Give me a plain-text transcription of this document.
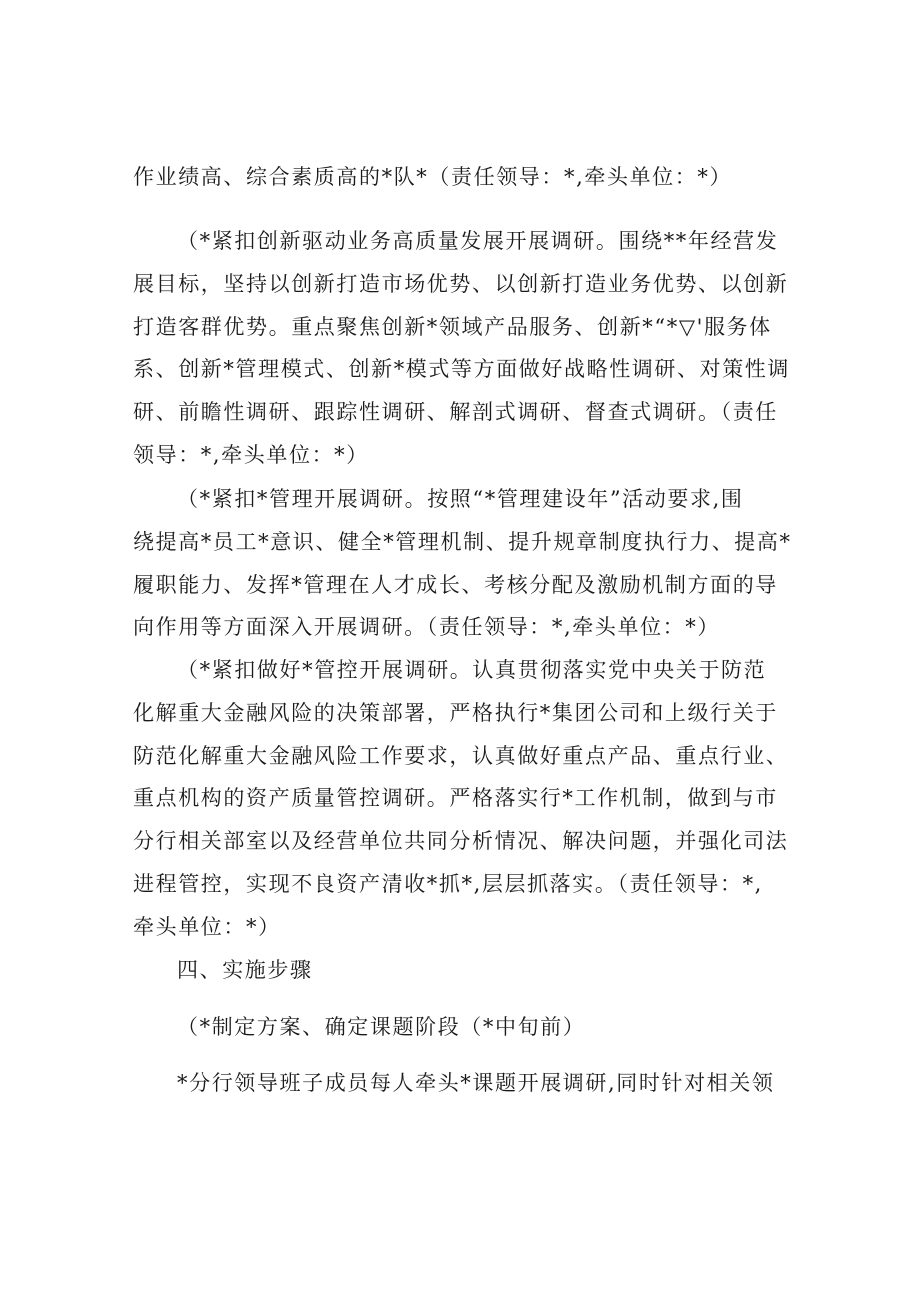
作业绩高、综合素质高的*队*（责任领导：*,牵头单位：*）
（*紧扣创新驱动业务高质量发展开展调研。围绕**年经营发
展目标，坚持以创新打造市场优势、以创新打造业务优势、以创新
打造客群优势。重点聚焦创新*领域产品服务、创新*“*▽'服务体
系、创新*管理模式、创新*模式等方面做好战略性调研、对策性调
研、前瞻性调研、跟踪性调研、解剖式调研、督查式调研。（责任
领导：*,牵头单位：*）
（*紧扣*管理开展调研。按照“*管理建设年”活动要求,围
绕提高*员工*意识、健全*管理机制、提升规章制度执行力、提高*
履职能力、发挥*管理在人才成长、考核分配及激励机制方面的导
向作用等方面深入开展调研。（责任领导：*,牵头单位：*）
（*紧扣做好*管控开展调研。认真贯彻落实党中央关于防范
化解重大金融风险的决策部署，严格执行*集团公司和上级行关于
防范化解重大金融风险工作要求，认真做好重点产品、重点行业、
重点机构的资产质量管控调研。严格落实行*工作机制，做到与市
分行相关部室以及经营单位共同分析情况、解决问题，并强化司法
进程管控，实现不良资产清收*抓*,层层抓落实。（责任领导：*,
牵头单位：*）
四、实施步骤
（*制定方案、确定课题阶段（*中旬前）
*分行领导班子成员每人牵头*课题开展调研,同时针对相关领
